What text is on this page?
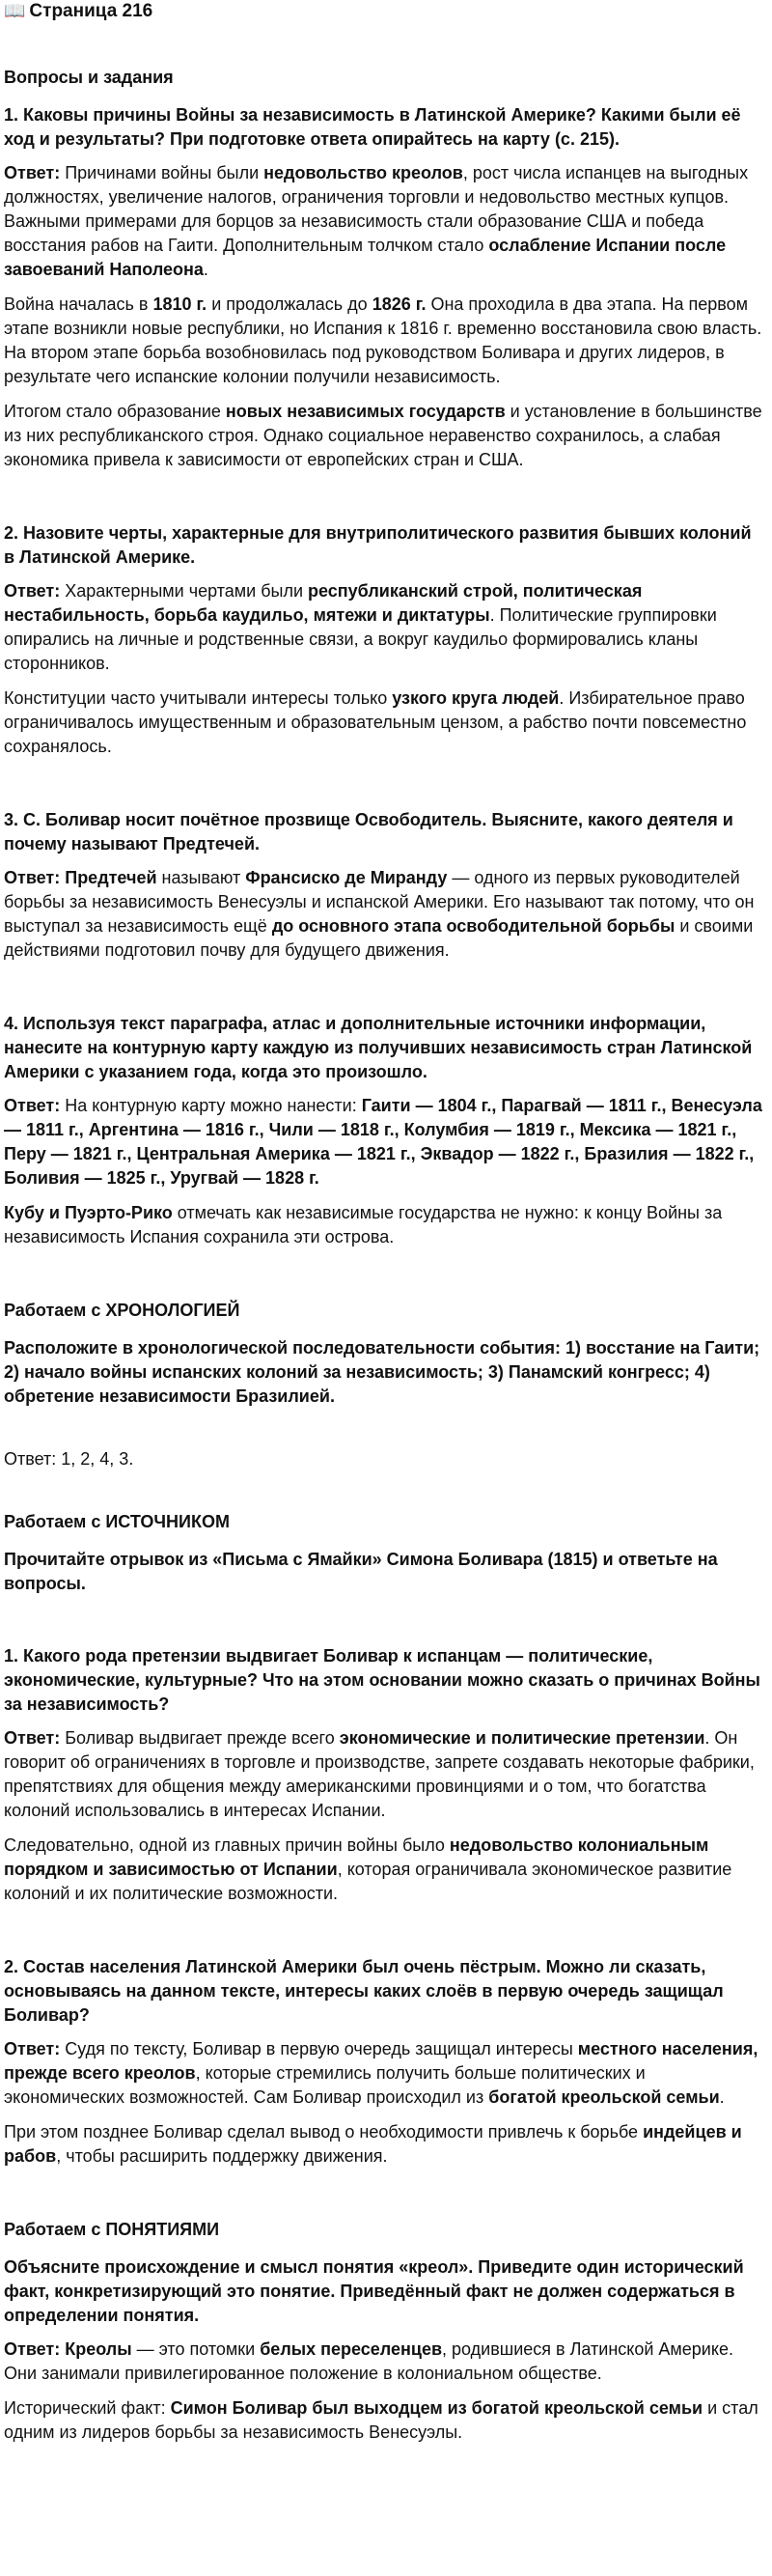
📖 Страница 216
Вопросы и задания

1. Каковы причины Войны за независимость в Латинской Америке? Какими были её ход и результаты? При подготовке ответа опирайтесь на карту (с. 215).

Ответ: Причинами войны были недовольство креолов, рост числа испанцев на выгодных должностях, увеличение налогов, ограничения торговли и недовольство местных купцов. Важными примерами для борцов за независимость стали образование США и победа восстания рабов на Гаити. Дополнительным толчком стало ослабление Испании после завоеваний Наполеона.

Война началась в 1810 г. и продолжалась до 1826 г. Она проходила в два этапа. На первом этапе возникли новые республики, но Испания к 1816 г. временно восстановила свою власть. На втором этапе борьба возобновилась под руководством Боливара и других лидеров, в результате чего испанские колонии получили независимость.

Итогом стало образование новых независимых государств и установление в большинстве из них республиканского строя. Однако социальное неравенство сохранилось, а слабая экономика привела к зависимости от европейских стран и США.

2. Назовите черты, характерные для внутриполитического развития бывших колоний в Латинской Америке.

Ответ: Характерными чертами были республиканский строй, политическая нестабильность, борьба каудильо, мятежи и диктатуры. Политические группировки опирались на личные и родственные связи, а вокруг каудильо формировались кланы сторонников.

Конституции часто учитывали интересы только узкого круга людей. Избирательное право ограничивалось имущественным и образовательным цензом, а рабство почти повсеместно сохранялось.

3. С. Боливар носит почётное прозвище Освободитель. Выясните, какого деятеля и почему называют Предтечей.

Ответ: Предтечей называют Франсиско де Миранду — одного из первых руководителей борьбы за независимость Венесуэлы и испанской Америки. Его называют так потому, что он выступал за независимость ещё до основного этапа освободительной борьбы и своими действиями подготовил почву для будущего движения.

4. Используя текст параграфа, атлас и дополнительные источники информации, нанесите на контурную карту каждую из получивших независимость стран Латинской Америки с указанием года, когда это произошло.

Ответ: На контурную карту можно нанести: Гаити — 1804 г., Парагвай — 1811 г., Венесуэла — 1811 г., Аргентина — 1816 г., Чили — 1818 г., Колумбия — 1819 г., Мексика — 1821 г., Перу — 1821 г., Центральная Америка — 1821 г., Эквадор — 1822 г., Бразилия — 1822 г., Боливия — 1825 г., Уругвай — 1828 г.

Кубу и Пуэрто-Рико отмечать как независимые государства не нужно: к концу Войны за независимость Испания сохранила эти острова.

Работаем с ХРОНОЛОГИЕЙ

Расположите в хронологической последовательности события: 1) восстание на Гаити; 2) начало войны испанских колоний за независимость; 3) Панамский конгресс; 4) обретение независимости Бразилией.

Ответ: 1, 2, 4, 3.

Работаем с ИСТОЧНИКОМ

Прочитайте отрывок из «Письма с Ямайки» Симона Боливара (1815) и ответьте на вопросы.

1. Какого рода претензии выдвигает Боливар к испанцам — политические, экономические, культурные? Что на этом основании можно сказать о причинах Войны за независимость?

Ответ: Боливар выдвигает прежде всего экономические и политические претензии. Он говорит об ограничениях в торговле и производстве, запрете создавать некоторые фабрики, препятствиях для общения между американскими провинциями и о том, что богатства колоний использовались в интересах Испании.

Следовательно, одной из главных причин войны было недовольство колониальным порядком и зависимостью от Испании, которая ограничивала экономическое развитие колоний и их политические возможности.

2. Состав населения Латинской Америки был очень пёстрым. Можно ли сказать, основываясь на данном тексте, интересы каких слоёв в первую очередь защищал Боливар?

Ответ: Судя по тексту, Боливар в первую очередь защищал интересы местного населения, прежде всего креолов, которые стремились получить больше политических и экономических возможностей. Сам Боливар происходил из богатой креольской семьи.

При этом позднее Боливар сделал вывод о необходимости привлечь к борьбе индейцев и рабов, чтобы расширить поддержку движения.

Работаем с ПОНЯТИЯМИ

Объясните происхождение и смысл понятия «креол». Приведите один исторический факт, конкретизирующий это понятие. Приведённый факт не должен содержаться в определении понятия.

Ответ: Креолы — это потомки белых переселенцев, родившиеся в Латинской Америке. Они занимали привилегированное положение в колониальном обществе.

Исторический факт: Симон Боливар был выходцем из богатой креольской семьи и стал одним из лидеров борьбы за независимость Венесуэлы.
